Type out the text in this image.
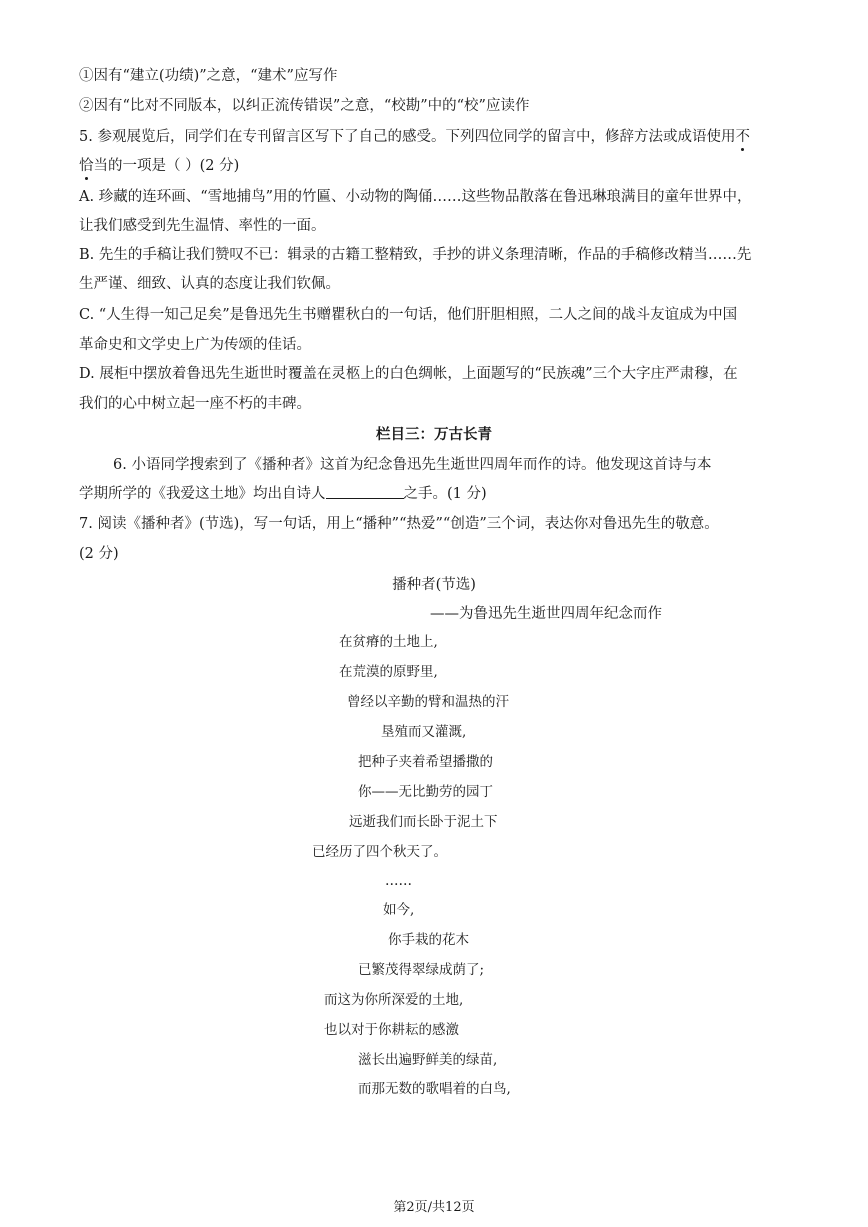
①因有“建立(功绩)”之意，“建术”应写作
②因有“比对不同版本，以纠正流传错误”之意，“校勘”中的“校”应读作
5. 参观展览后，同学们在专刊留言区写下了自己的感受。下列四位同学的留言中，修辞方法或成语使用不
恰当的一项是（ ）(2 分)
A. 珍藏的连环画、“雪地捕鸟”用的竹匾、小动物的陶俑……这些物品散落在鲁迅琳琅满目的童年世界中，
让我们感受到先生温情、率性的一面。
B. 先生的手稿让我们赞叹不已：辑录的古籍工整精致，手抄的讲义条理清晰，作品的手稿修改精当……先
生严谨、细致、认真的态度让我们钦佩。
C. “人生得一知己足矣”是鲁迅先生书赠瞿秋白的一句话，他们肝胆相照，二人之间的战斗友谊成为中国
革命史和文学史上广为传颂的佳话。
D. 展柜中摆放着鲁迅先生逝世时覆盖在灵柩上的白色绸帐，上面题写的“民族魂”三个大字庄严肃穆，在
我们的心中树立起一座不朽的丰碑。
栏目三：万古长青
6. 小语同学搜索到了《播种者》这首为纪念鲁迅先生逝世四周年而作的诗。他发现这首诗与本
学期所学的《我爱这土地》均出自诗人	之手。(1 分)
7. 阅读《播种者》(节选)，写一句话，用上“播种”“热爱”“创造”三个词，表达你对鲁迅先生的敬意。
(2 分)
播种者(节选)
——为鲁迅先生逝世四周年纪念而作
在贫瘠的土地上,
在荒漠的原野里,
曾经以辛勤的臂和温热的汗
垦殖而又灌溉,
把种子夹着希望播撒的
你——无比勤劳的园丁
远逝我们而长卧于泥土下
已经历了四个秋天了。
……
如今,
你手栽的花木
已繁茂得翠绿成荫了;
而这为你所深爱的土地,
也以对于你耕耘的感激
滋长出遍野鲜美的绿苗,
而那无数的歌唱着的白鸟,
第2页/共12页
